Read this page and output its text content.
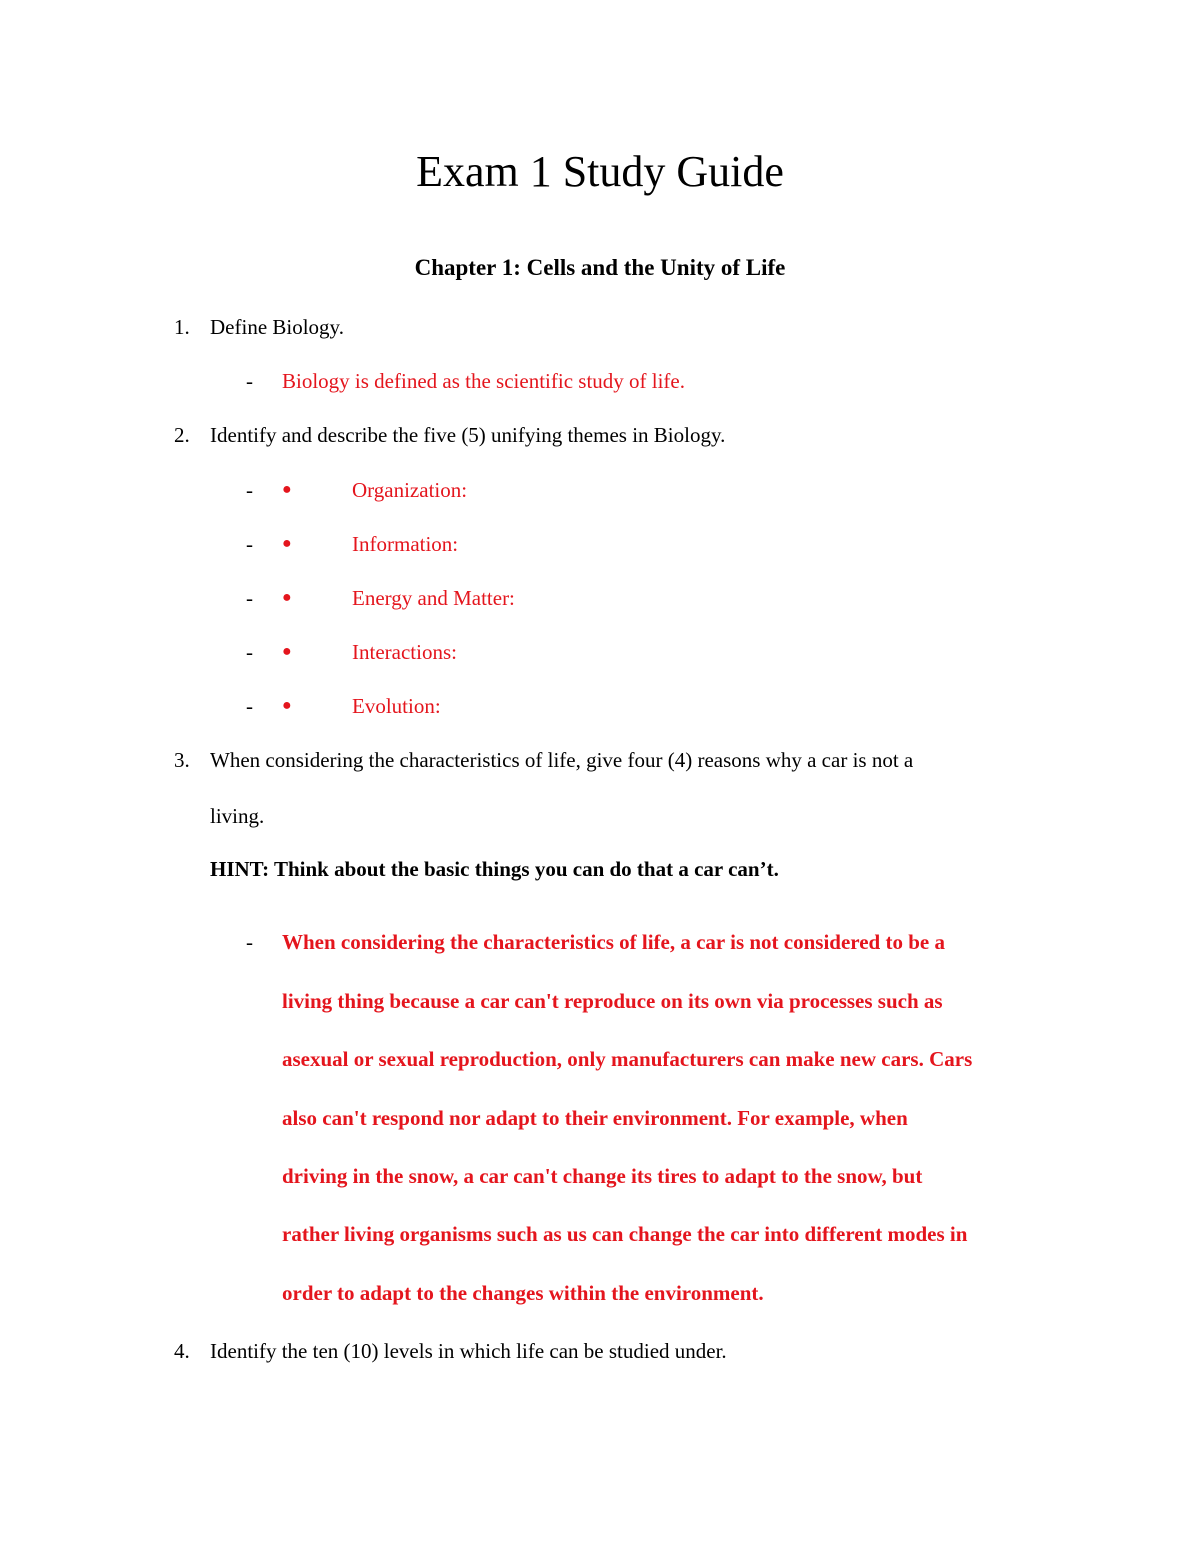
Exam 1 Study Guide
Chapter 1: Cells and the Unity of Life
1. Define Biology.
- Biology is defined as the scientific study of life.
2. Identify and describe the five (5) unifying themes in Biology.
- ●	Organization:
- ●	Information:
- ●	Energy and Matter:
- ●	Interactions:
- ●	Evolution:
3. When considering the characteristics of life, give four (4) reasons why a car is not a
living.
HINT: Think about the basic things you can do that a car can’t.
- When considering the characteristics of life, a car is not considered to be a
living thing because a car can't reproduce on its own via processes such as
asexual or sexual reproduction, only manufacturers can make new cars. Cars
also can't respond nor adapt to their environment. For example, when
driving in the snow, a car can't change its tires to adapt to the snow, but
rather living organisms such as us can change the car into different modes in
order to adapt to the changes within the environment.
4. Identify the ten (10) levels in which life can be studied under.
